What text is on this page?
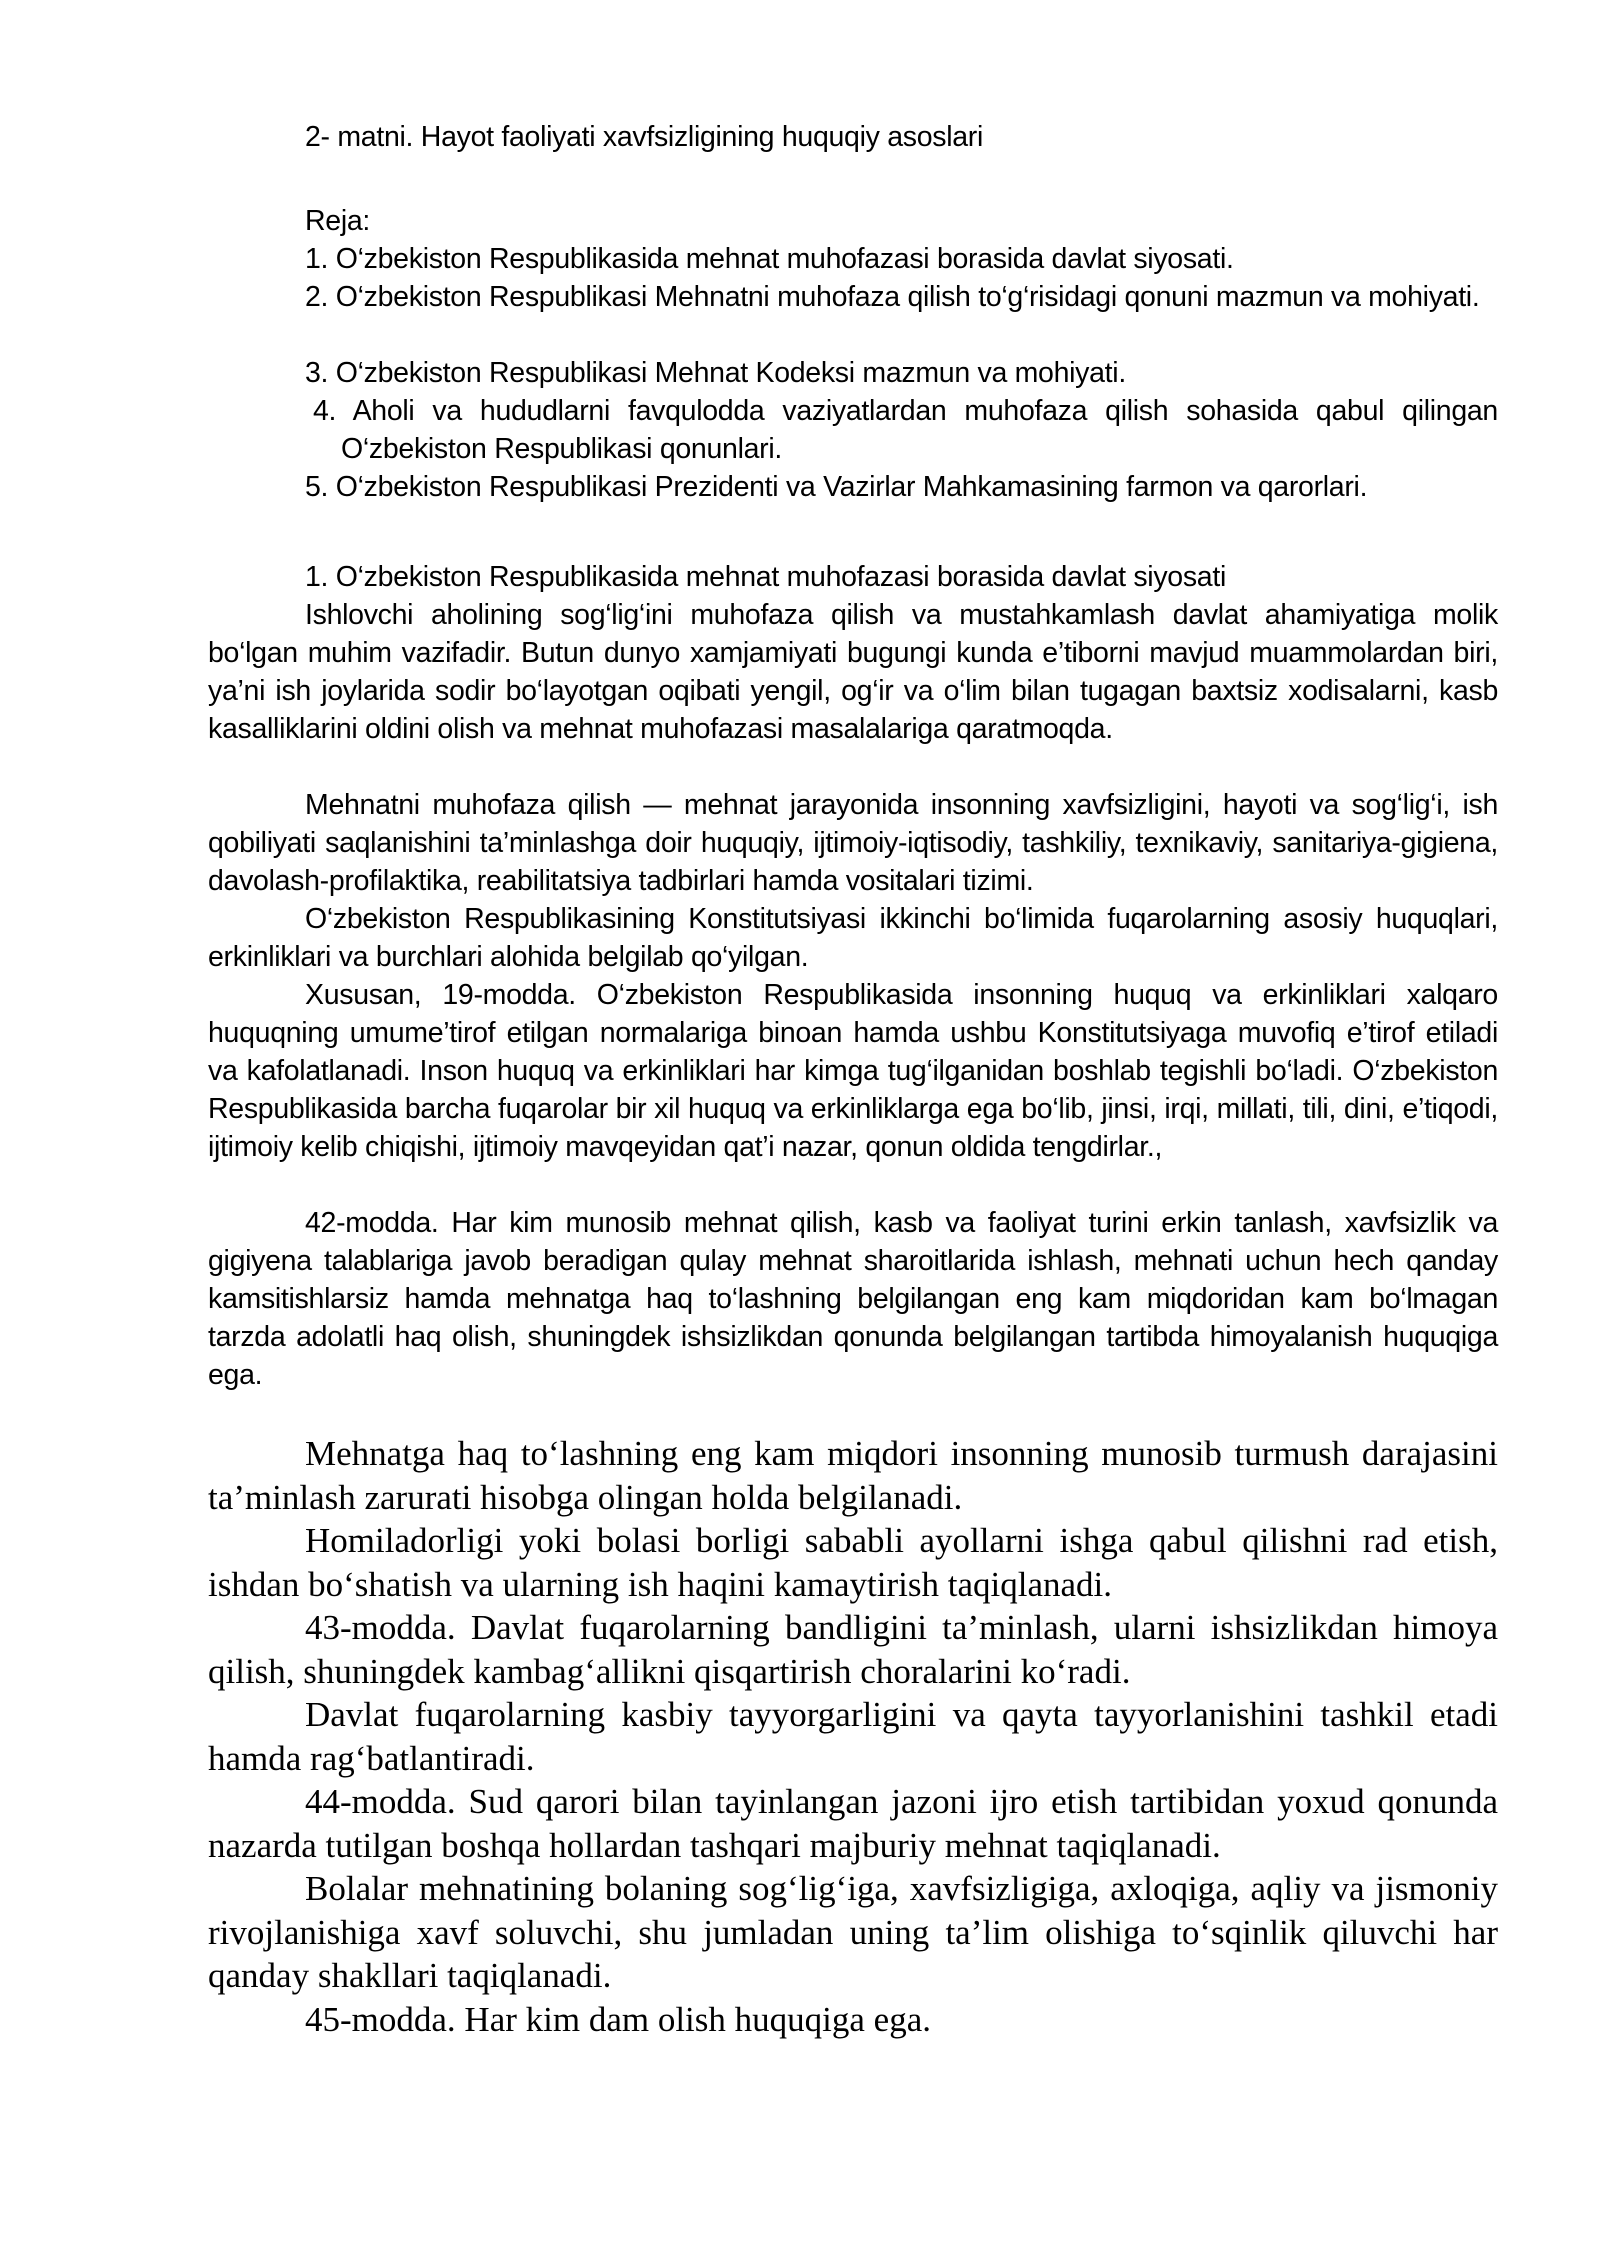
2- matni. Hayot faoliyati xavfsizligining huquqiy asoslari
Reja:

1. O‘zbekiston Respublikasida mehnat muhofazasi borasida davlat siyosati.

2. O‘zbekiston Respublikasi Mehnatni muhofaza qilish to‘g‘risidagi qonuni mazmun va mohiyati.

3. O‘zbekiston Respublikasi Mehnat Kodeksi mazmun va mohiyati.

4. Aholi va hududlarni favqulodda vaziyatlardan muhofaza qilish sohasida qabul qilingan O‘zbekiston Respublikasi qonunlari.

5. O‘zbekiston Respublikasi Prezidenti va Vazirlar Mahkamasining farmon va qarorlari.

1. O‘zbekiston Respublikasida mehnat muhofazasi borasida davlat siyosati

Ishlovchi aholining sog‘lig‘ini muhofaza qilish va mustahkamlash davlat ahamiyatiga molik bo‘lgan muhim vazifadir. Butun dunyo xamjamiyati bugungi kunda e’tiborni mavjud muammolardan biri, ya’ni ish joylarida sodir bo‘layotgan oqibati yengil, og‘ir va o‘lim bilan tugagan baxtsiz xodisalarni, kasb kasalliklarini oldini olish va mehnat muhofazasi masalalariga qaratmoqda.

Mehnatni muhofaza qilish — mehnat jarayonida insonning xavfsizligini, hayoti va sog‘lig‘i, ish qobiliyati saqlanishini ta’minlashga doir huquqiy, ijtimoiy-iqtisodiy, tashkiliy, texnikaviy, sanitariya-gigiena, davolash-profilaktika, reabilitatsiya tadbirlari hamda vositalari tizimi.

O‘zbekiston Respublikasining Konstitutsiyasi ikkinchi bo‘limida fuqarolarning asosiy huquqlari, erkinliklari va burchlari alohida belgilab qo‘yilgan.

Xususan, 19-modda. O‘zbekiston Respublikasida insonning huquq va erkinliklari xalqaro huquqning umume’tirof etilgan normalariga binoan hamda ushbu Konstitutsiyaga muvofiq e’tirof etiladi va kafolatlanadi. Inson huquq va erkinliklari har kimga tug‘ilganidan boshlab tegishli bo‘ladi. O‘zbekiston Respublikasida barcha fuqarolar bir xil huquq va erkinliklarga ega bo‘lib, jinsi, irqi, millati, tili, dini, e’tiqodi, ijtimoiy kelib chiqishi, ijtimoiy mavqeyidan qat’i nazar, qonun oldida tengdirlar.,

42-modda. Har kim munosib mehnat qilish, kasb va faoliyat turini erkin tanlash, xavfsizlik va gigiyena talablariga javob beradigan qulay mehnat sharoitlarida ishlash, mehnati uchun hech qanday kamsitishlarsiz hamda mehnatga haq to‘lashning belgilangan eng kam miqdoridan kam bo‘lmagan tarzda adolatli haq olish, shuningdek ishsizlikdan qonunda belgilangan tartibda himoyalanish huquqiga ega.

Mehnatga haq to‘lashning eng kam miqdori insonning munosib turmush darajasini ta’minlash zarurati hisobga olingan holda belgilanadi.

Homiladorligi yoki bolasi borligi sababli ayollarni ishga qabul qilishni rad etish, ishdan bo‘shatish va ularning ish haqini kamaytirish taqiqlanadi.

43-modda. Davlat fuqarolarning bandligini ta’minlash, ularni ishsizlikdan himoya qilish, shuningdek kambag‘allikni qisqartirish choralarini ko‘radi.

Davlat fuqarolarning kasbiy tayyorgarligini va qayta tayyorlanishini tashkil etadi hamda rag‘batlantiradi.

44-modda. Sud qarori bilan tayinlangan jazoni ijro etish tartibidan yoxud qonunda nazarda tutilgan boshqa hollardan tashqari majburiy mehnat taqiqlanadi.

Bolalar mehnatining bolaning sog‘lig‘iga, xavfsizligiga, axloqiga, aqliy va jismoniy rivojlanishiga xavf soluvchi, shu jumladan uning ta’lim olishiga to‘sqinlik qiluvchi har qanday shakllari taqiqlanadi.

45-modda. Har kim dam olish huquqiga ega.
